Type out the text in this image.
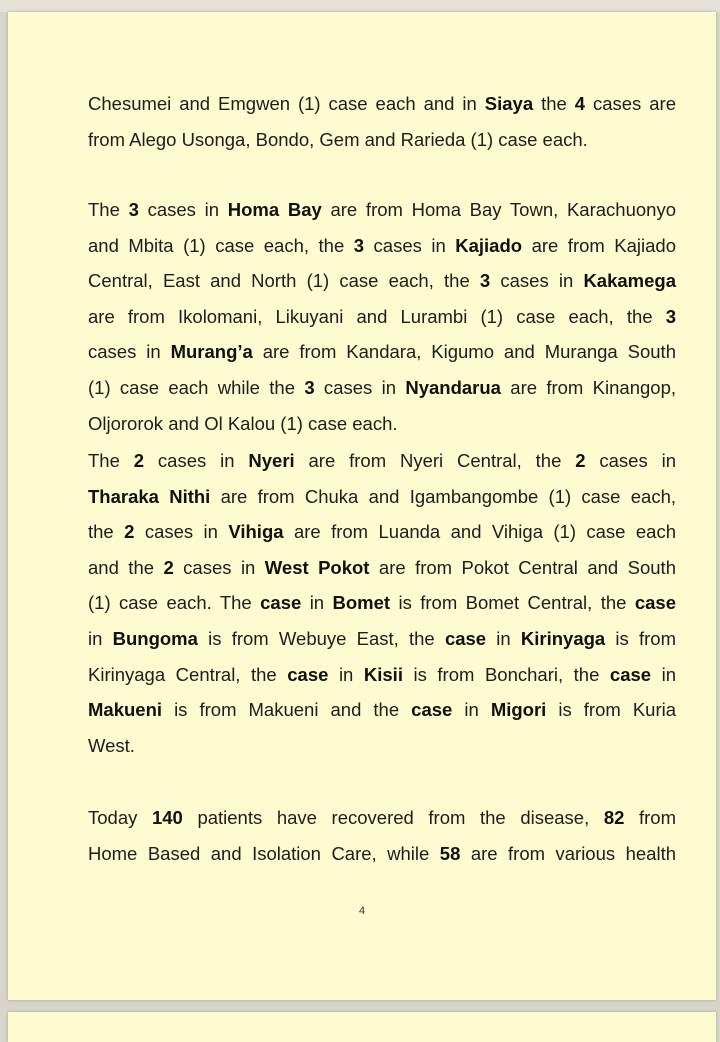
Chesumei and Emgwen (1) case each and in Siaya the 4 cases are
from Alego Usonga, Bondo, Gem and Rarieda (1) case each.
The 3 cases in Homa Bay are from Homa Bay Town, Karachuonyo
and Mbita (1) case each, the 3 cases in Kajiado are from Kajiado
Central, East and North (1) case each, the 3 cases in Kakamega
are from Ikolomani, Likuyani and Lurambi (1) case each, the 3
cases in Murang’a are from Kandara, Kigumo and Muranga South
(1) case each while the 3 cases in Nyandarua are from Kinangop,
Oljororok and Ol Kalou (1) case each.
The 2 cases in Nyeri are from Nyeri Central, the 2 cases in
Tharaka Nithi are from Chuka and Igambangombe (1) case each,
the 2 cases in Vihiga are from Luanda and Vihiga (1) case each
and the 2 cases in West Pokot are from Pokot Central and South
(1) case each. The case in Bomet is from Bomet Central, the case
in Bungoma is from Webuye East, the case in Kirinyaga is from
Kirinyaga Central, the case in Kisii is from Bonchari, the case in
Makueni is from Makueni and the case in Migori is from Kuria
West.
Today 140 patients have recovered from the disease, 82 from
Home Based and Isolation Care, while 58 are from various health
4
